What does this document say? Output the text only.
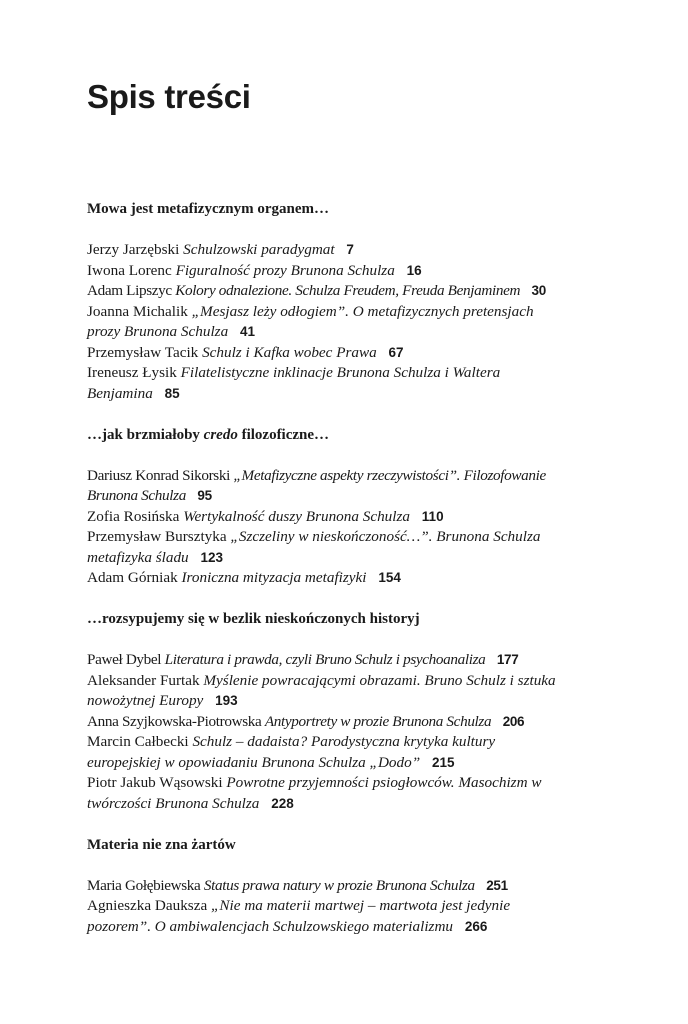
Spis treści
Mowa jest metafizycznym organem…
Jerzy Jarzębski Schulzowski paradygmat 7
Iwona Lorenc Figuralność prozy Brunona Schulza 16
Adam Lipszyc Kolory odnalezione. Schulza Freudem, Freuda Benjaminem 30
Joanna Michalik „Mesjasz leży odłogiem”. O metafizycznych pretensjach prozy Brunona Schulza 41
Przemysław Tacik Schulz i Kafka wobec Prawa 67
Ireneusz Łysik Filatelistyczne inklinacje Brunona Schulza i Waltera Benjamina 85
…jak brzmiałoby credo filozoficzne…
Dariusz Konrad Sikorski „Metafizyczne aspekty rzeczywistości”. Filozofowanie Brunona Schulza 95
Zofia Rosińska Wertykalność duszy Brunona Schulza 110
Przemysław Bursztyka „Szczeliny w nieskończoność…”. Brunona Schulza metafizyka śladu 123
Adam Górniak Ironiczna mityzacja metafizyki 154
…rozsypujemy się w bezlik nieskończonych historyj
Paweł Dybel Literatura i prawda, czyli Bruno Schulz i psychoanaliza 177
Aleksander Furtak Myślenie powracającymi obrazami. Bruno Schulz i sztuka nowożytnej Europy 193
Anna Szyjkowska-Piotrowska Antyportrety w prozie Brunona Schulza 206
Marcin Całbecki Schulz – dadaista? Parodystyczna krytyka kultury europejskiej w opowiadaniu Brunona Schulza „Dodo” 215
Piotr Jakub Wąsowski Powrotne przyjemności psiogłowców. Masochizm w twórczości Brunona Schulza 228
Materia nie zna żartów
Maria Gołębiewska Status prawa natury w prozie Brunona Schulza 251
Agnieszka Dauksza „Nie ma materii martwej – martwota jest jedynie pozorem”. O ambiwalencjach Schulzowskiego materializmu 266
